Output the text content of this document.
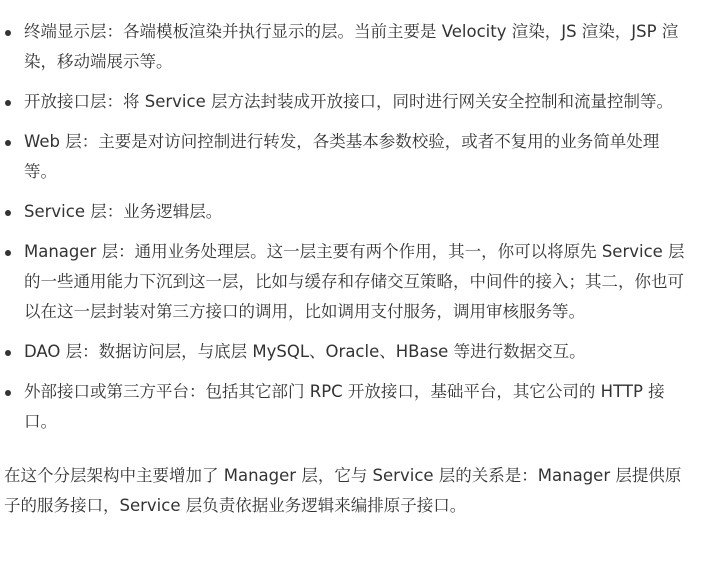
终端显示层：各端模板渲染并执行显示的层。当前主要是 Velocity 渲染，JS 渲染，JSP 渲染，移动端展示等。
开放接口层：将 Service 层方法封装成开放接口，同时进行网关安全控制和流量控制等。
Web 层：主要是对访问控制进行转发，各类基本参数校验，或者不复用的业务简单处理等。
Service 层：业务逻辑层。
Manager 层：通用业务处理层。这一层主要有两个作用，其一，你可以将原先 Service 层的一些通用能力下沉到这一层，比如与缓存和存储交互策略，中间件的接入；其二，你也可以在这一层封装对第三方接口的调用，比如调用支付服务，调用审核服务等。
DAO 层：数据访问层，与底层 MySQL、Oracle、HBase 等进行数据交互。
外部接口或第三方平台：包括其它部门 RPC 开放接口，基础平台，其它公司的 HTTP 接口。

在这个分层架构中主要增加了 Manager 层，它与 Service 层的关系是：Manager 层提供原子的服务接口，Service 层负责依据业务逻辑来编排原子接口。
